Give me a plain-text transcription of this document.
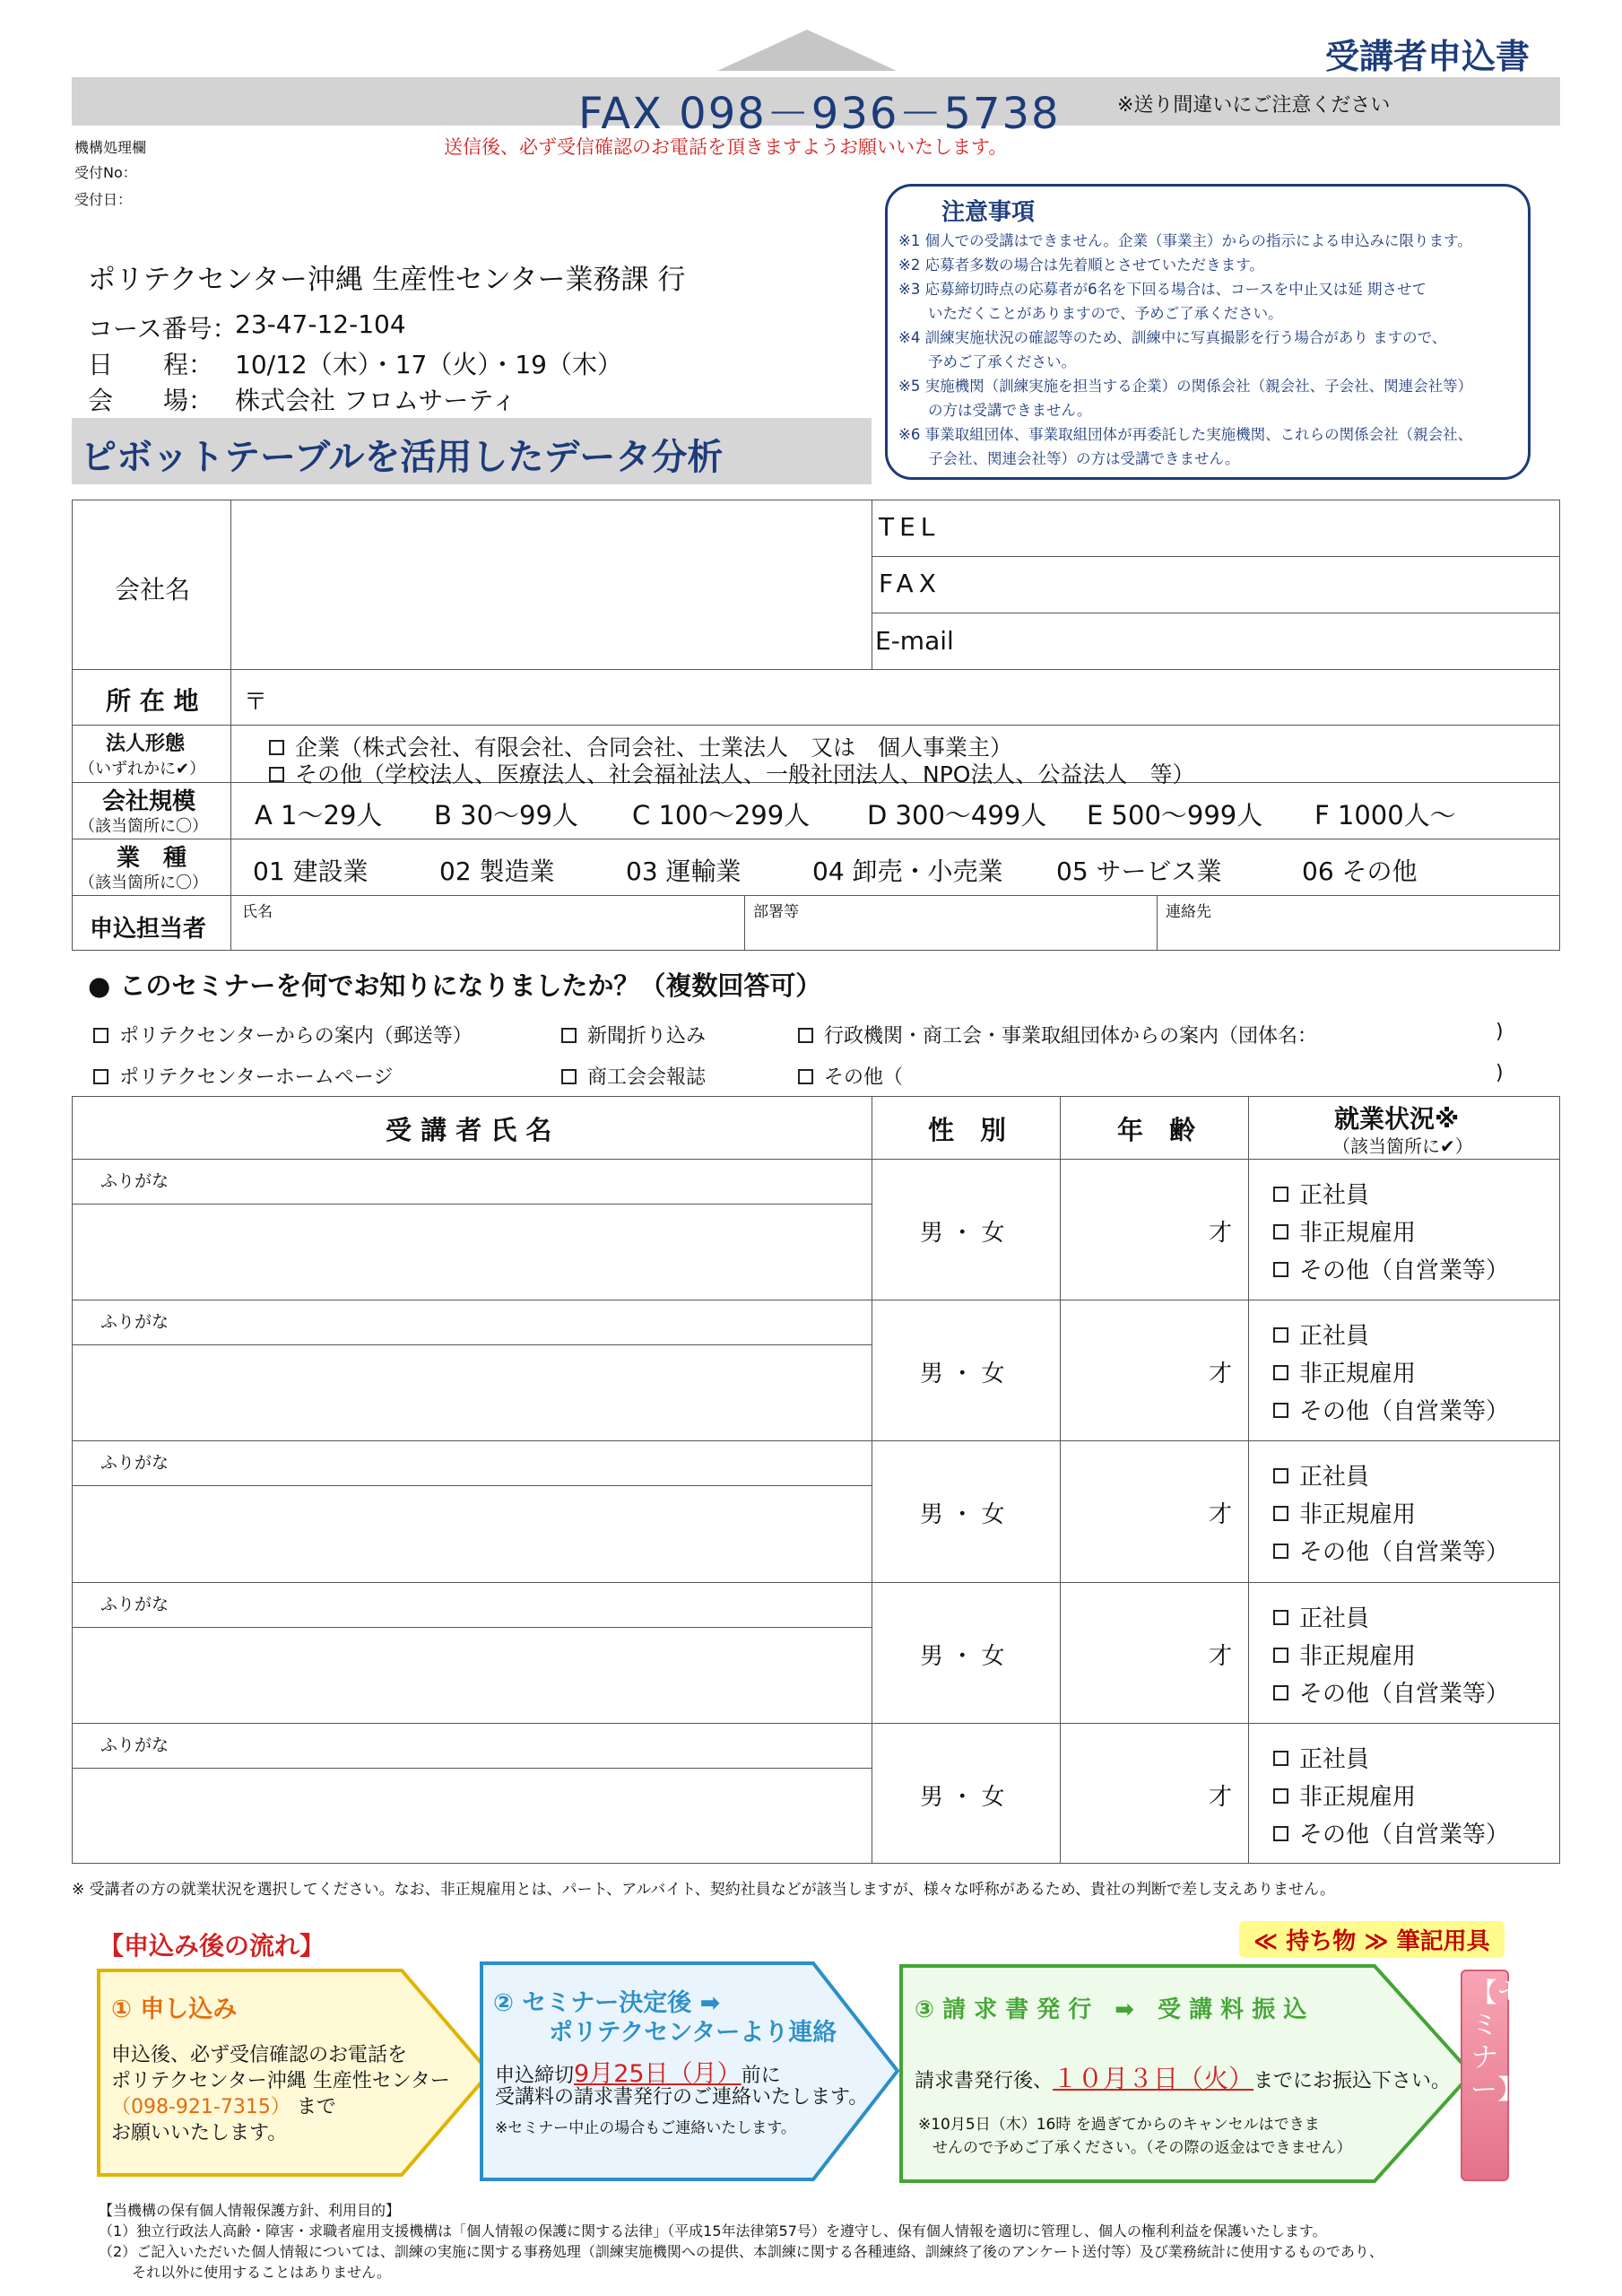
受講者申込書
FAX 098－936－5738	※送り間違いにご注意ください
送信後、必ず受信確認のお電話を頂きますようお願いいたします。
機構処理欄
受付No：
受付日：
ポリテクセンター沖縄 生産性センター業務課 行
コース番号：
23-47-12-104
日　　程： 10/12（木）・17（火）・19（木）
会　　場： 株式会社 フロムサーティ
ピボットテーブルを活用したデータ分析
注意事項
※1 個人での受講はできません。企業（事業主）からの指示による申込みに限ります。
※2 応募者多数の場合は先着順とさせていただきます。
※3 応募締切時点の応募者が6名を下回る場合は、コースを中止又は延 期させて
　　いただくことがありますので、予めご了承ください。
※4 訓練実施状況の確認等のため、訓練中に写真撮影を行う場合があり ますので、
　　予めご了承ください。
※5 実施機関（訓練実施を担当する企業）の関係会社（親会社、子会社、関連会社等）
　　の方は受講できません。
※6 事業取組団体、事業取組団体が再委託した実施機関、これらの関係会社（親会社、
　　子会社、関連会社等）の方は受講できません。
会社名
TEL
FAX
E-mail
所 在 地 〒
法人形態
（いずれかに✔）
企業（株式会社、有限会社、合同会社、士業法人　又は　個人事業主）
その他（学校法人、医療法人、社会福祉法人、一般社団法人、NPO法人、公益法人　等）
会社規模
（該当箇所に〇） A 1～29人 B 30～99人 C 100～299人 D 300～499人 E 500～999人 F 1000人～
業　種
（該当箇所に〇） 01 建設業	02 製造業	03 運輸業	04 卸売・小売業 05 サービス業	06 その他
申込担当者
氏名	部署等	連絡先
● このセミナーを何でお知りになりましたか？（複数回答可）
ポリテクセンターからの案内（郵送等）	新聞折り込み	行政機関・商工会・事業取組団体からの案内（団体名：	)
ポリテクセンターホームページ	商工会会報誌	その他（	)
受 講 者 氏 名	性　別	年　齢	就業状況※
（該当箇所に✔）
ふりがな
男 ・ 女	才
正社員
非正規雇用
その他（自営業等）
ふりがな
男 ・ 女	才
正社員
非正規雇用
その他（自営業等）
ふりがな
男 ・ 女	才
正社員
非正規雇用
その他（自営業等）
ふりがな
男 ・ 女	才
正社員
非正規雇用
その他（自営業等）
ふりがな
男 ・ 女	才
正社員
非正規雇用
その他（自営業等）
※ 受講者の方の就業状況を選択してください。なお、非正規雇用とは、パート、アルバイト、契約社員などが該当しますが、様々な呼称があるため、貴社の判断で差し支えありません。
【申込み後の流れ】	≪ 持ち物 ≫ 筆記用具
【セミナー】
① 申し込み
申込後、必ず受信確認のお電話を
ポリテクセンター沖縄 生産性センター
（098-921-7315） まで
お願いいたします。
② セミナー決定後 ➡
ポリテクセンターより連絡
申込締切9月25日（月）前に
受講料の請求書発行のご連絡いたします。
※セミナー中止の場合もご連絡いたします。
③ 請 求 書 発 行　➡　受 講 料 振 込
請求書発行後、１０月３日（火）までにお振込下さい。
※10月5日（木）16時 を過ぎてからのキャンセルはできま
せんので予めご了承ください。（その際の返金はできません）
【当機構の保有個人情報保護方針、利用目的】
（1）独立行政法人高齢・障害・求職者雇用支援機構は「個人情報の保護に関する法律」（平成15年法律第57号）を遵守し、保有個人情報を適切に管理し、個人の権利利益を保護いたします。
（2）ご記入いただいた個人情報については、訓練の実施に関する事務処理（訓練実施機関への提供、本訓練に関する各種連絡、訓練終了後のアンケート送付等）及び業務統計に使用するものであり、
　　 それ以外に使用することはありません。
